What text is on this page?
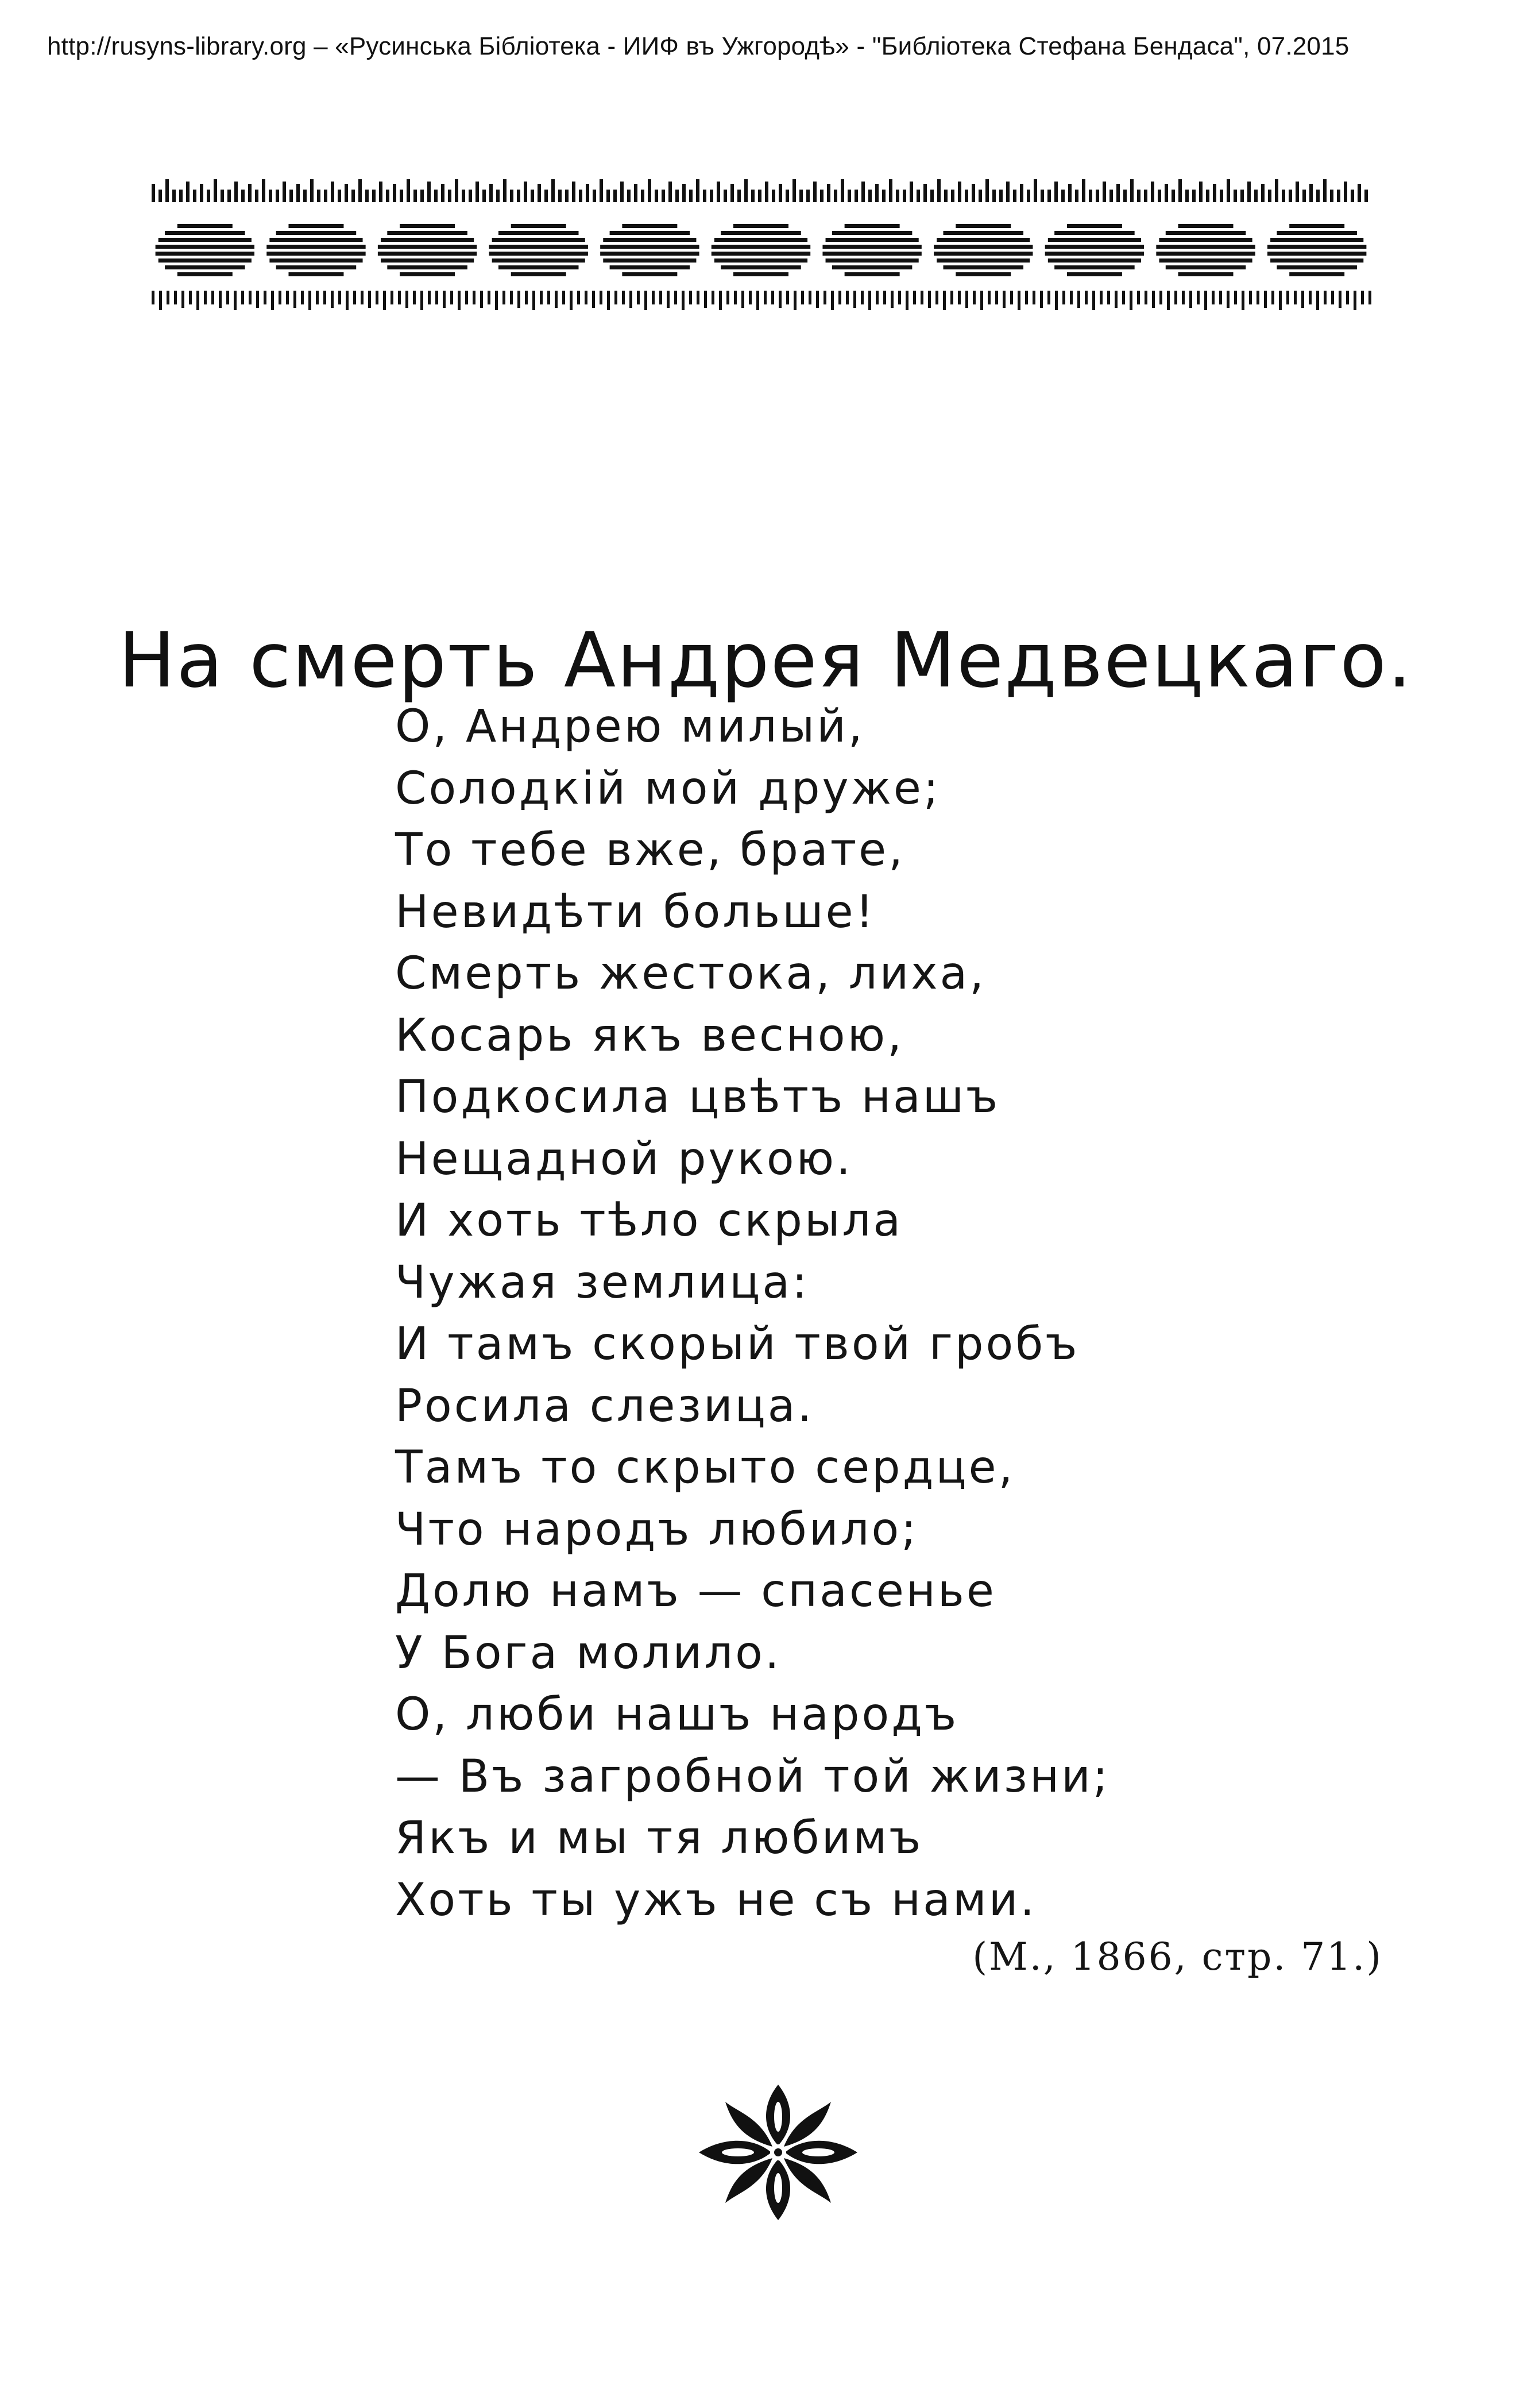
http://rusyns-library.org – «Русинська Бібліотека - ИИФ въ Ужгородѣ» - "Библіотека Стефана Бендаса", 07.2015
На смерть Андрея Медвецкаго.
О, Андрею милый,
Солодкій мой друже;
То тебе вже, брате,
Невидѣти больше!
Смерть жестока, лиха,
Косарь якъ весною,
Подкосила цвѣтъ нашъ
Нещадной рукою.
И хоть тѣло скрыла
Чужая землица:
И тамъ скорый твой гробъ
Росила слезица.
Тамъ то скрыто сердце,
Что народъ любило;
Долю намъ — спасенье
У Бога молило.
О, люби нашъ народъ
— Въ загробной той жизни;
Якъ и мы тя любимъ
Хоть ты ужъ не съ нами.
(М., 1866, стр. 71.)
